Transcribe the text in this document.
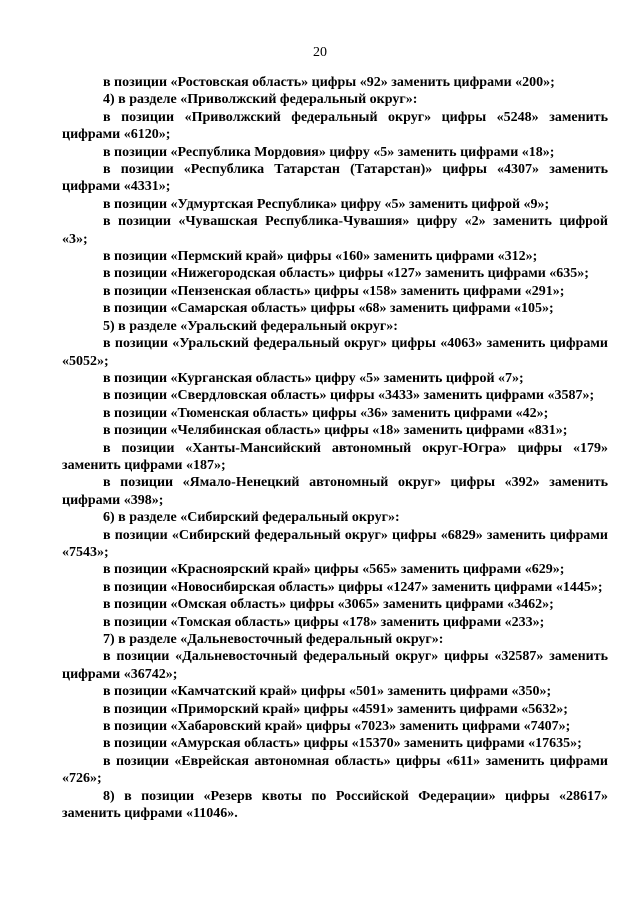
20

в позиции «Ростовская область» цифры «92» заменить цифрами «200»;

4) в разделе «Приволжский федеральный округ»:

в позиции «Приволжский федеральный округ» цифры «5248» заменить цифрами «6120»;

в позиции «Республика Мордовия» цифру «5» заменить цифрами «18»;

в позиции «Республика Татарстан (Татарстан)» цифры «4307» заменить цифрами «4331»;

в позиции «Удмуртская Республика» цифру «5» заменить цифрой «9»;

в позиции «Чувашская Республика-Чувашия» цифру «2» заменить цифрой «3»;

в позиции «Пермский край» цифры «160» заменить цифрами «312»;

в позиции «Нижегородская область» цифры «127» заменить цифрами «635»;

в позиции «Пензенская область» цифры «158» заменить цифрами «291»;

в позиции «Самарская область» цифры «68» заменить цифрами «105»;

5) в разделе «Уральский федеральный округ»:

в позиции «Уральский федеральный округ» цифры «4063» заменить цифрами «5052»;

в позиции «Курганская область» цифру «5» заменить цифрой «7»;

в позиции «Свердловская область» цифры «3433» заменить цифрами «3587»;

в позиции «Тюменская область» цифры «36» заменить цифрами «42»;

в позиции «Челябинская область» цифры «18» заменить цифрами «831»;

в позиции «Ханты-Мансийский автономный округ-Югра» цифры «179» заменить цифрами «187»;

в позиции «Ямало-Ненецкий автономный округ» цифры «392» заменить цифрами «398»;

6) в разделе «Сибирский федеральный округ»:

в позиции «Сибирский федеральный округ» цифры «6829» заменить цифрами «7543»;

в позиции «Красноярский край» цифры «565» заменить цифрами «629»;

в позиции «Новосибирская область» цифры «1247» заменить цифрами «1445»;

в позиции «Омская область» цифры «3065» заменить цифрами «3462»;

в позиции «Томская область» цифры «178» заменить цифрами «233»;

7) в разделе «Дальневосточный федеральный округ»:

в позиции «Дальневосточный федеральный округ» цифры «32587» заменить цифрами «36742»;

в позиции «Камчатский край» цифры «501» заменить цифрами «350»;

в позиции «Приморский край» цифры «4591» заменить цифрами «5632»;

в позиции «Хабаровский край» цифры «7023» заменить цифрами «7407»;

в позиции «Амурская область» цифры «15370» заменить цифрами «17635»;

в позиции «Еврейская автономная область» цифры «611» заменить цифрами «726»;

8) в позиции «Резерв квоты по Российской Федерации» цифры «28617» заменить цифрами «11046».
